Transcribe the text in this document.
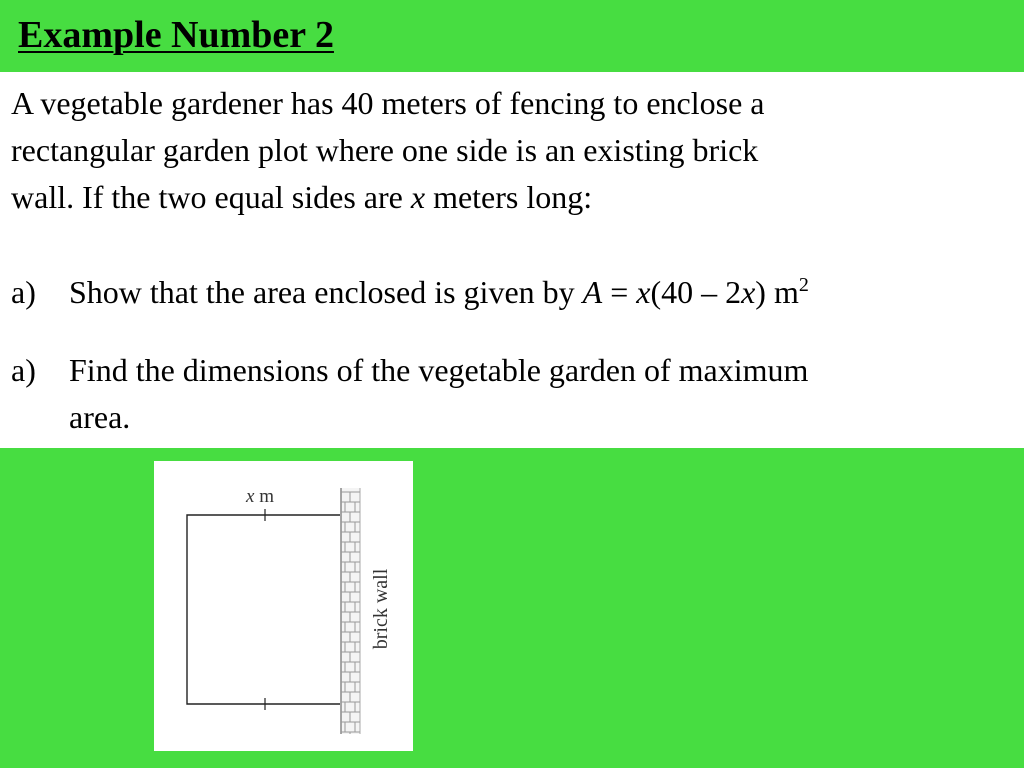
Example Number 2
A vegetable gardener has 40 meters of fencing to enclose a
rectangular garden plot where one side is an existing brick
wall. If the two equal sides are x meters long:
a) Show that the area enclosed is given by A = x(40 – 2x) $m^2$
a) Find the dimensions of the vegetable garden of maximum
area.
x m
brick wall
